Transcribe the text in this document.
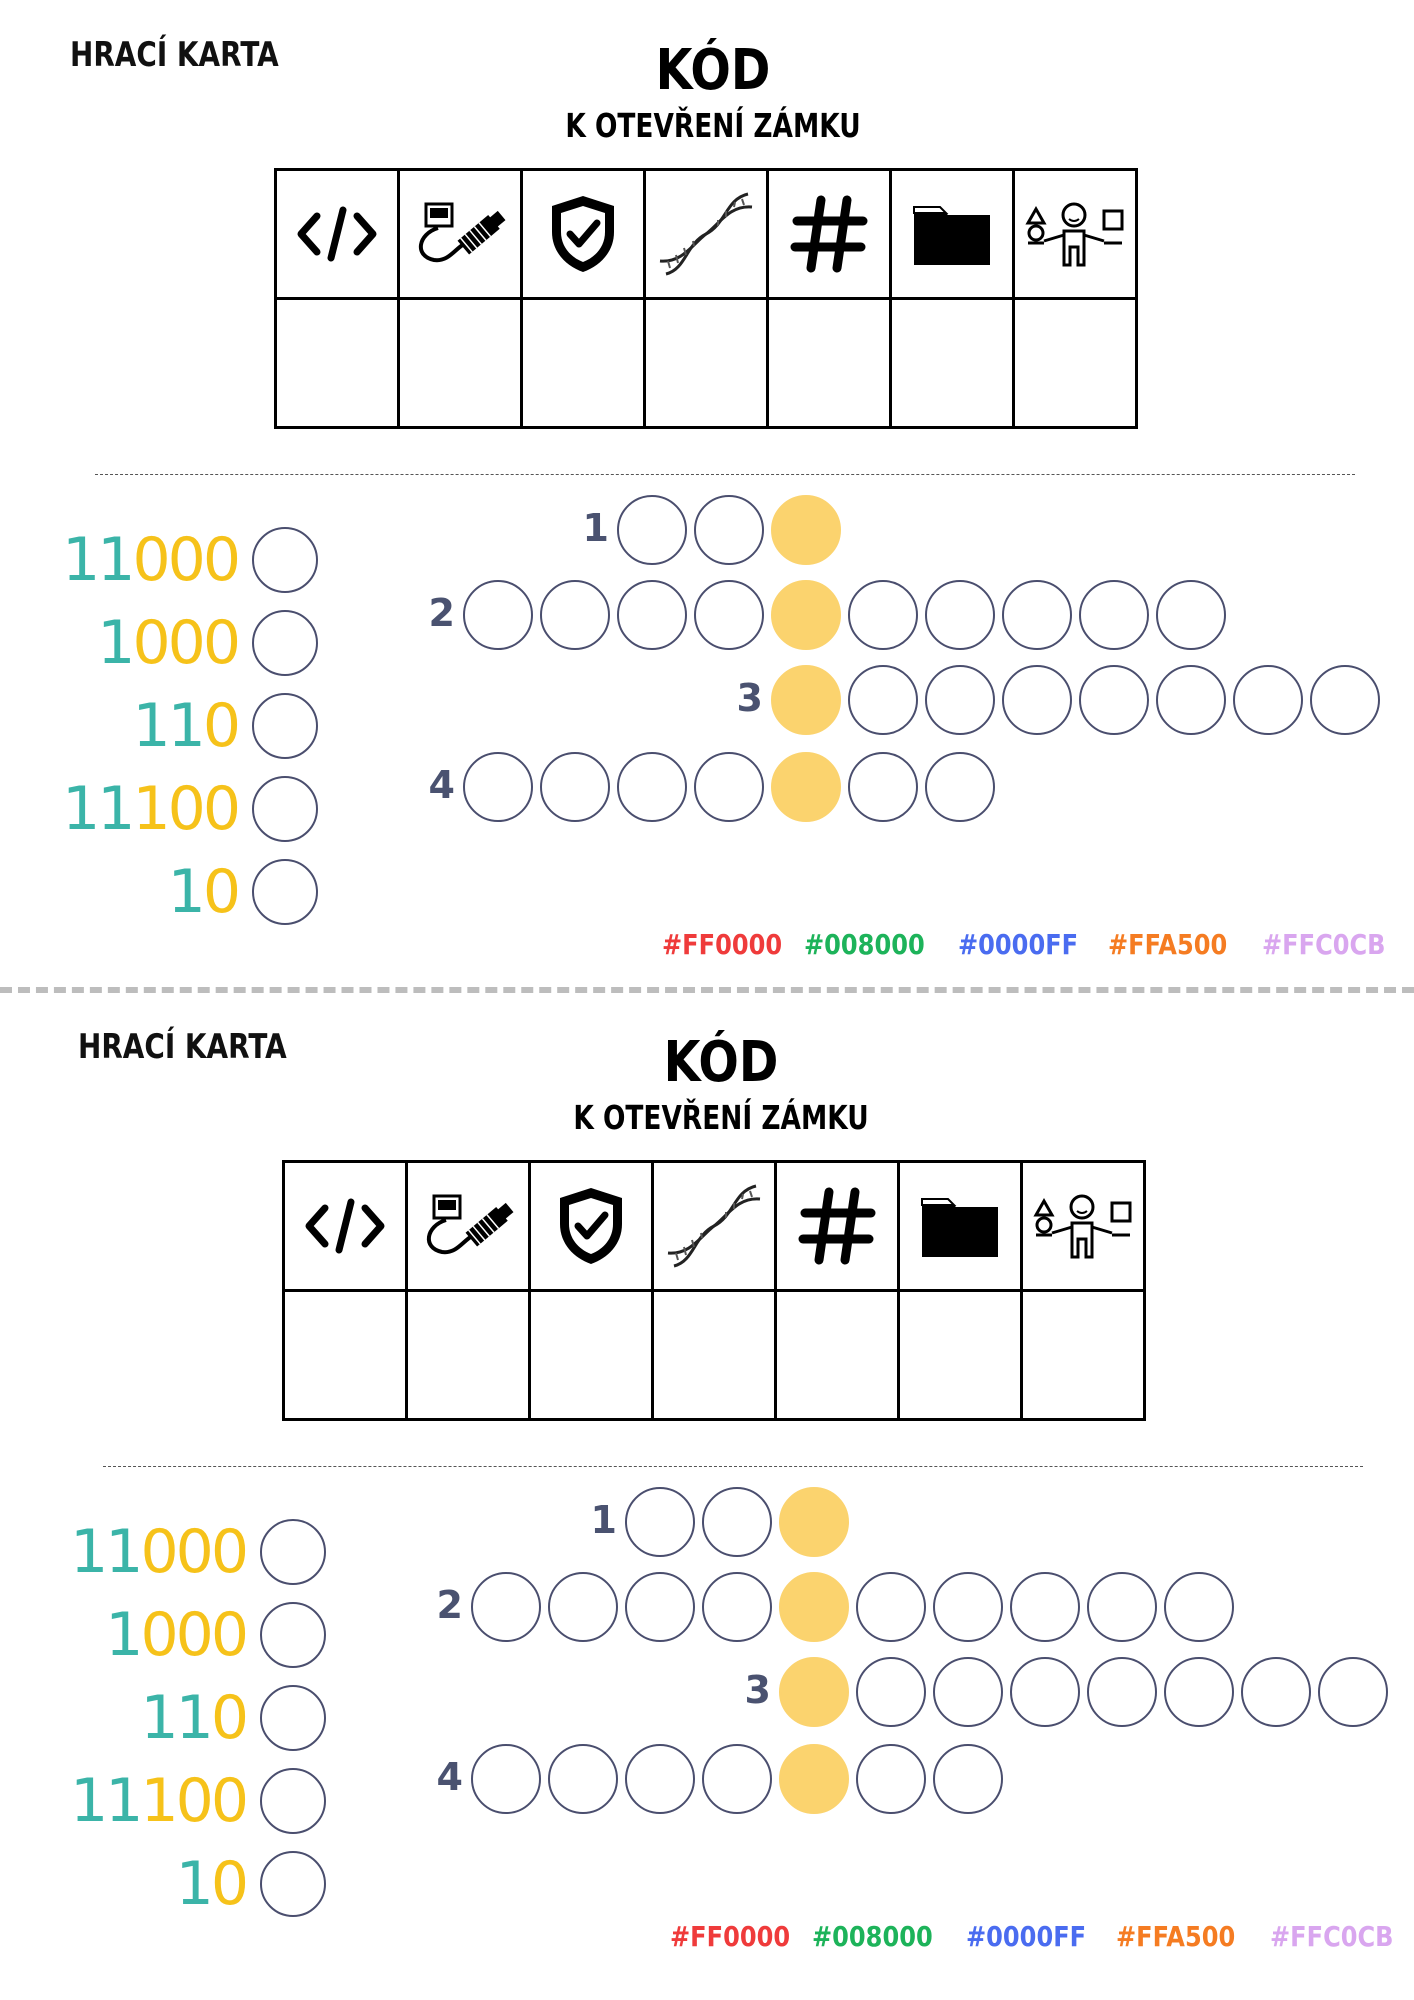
HRACÍ KARTA	KÓD
K OTEVŘENÍ ZÁMKU

11000
1000
110
11100
10
1
2
3
4
#FF0000 #008000 #0000FF #FFA500 #FFC0CB
HRACÍ KARTA	KÓD
K OTEVŘENÍ ZÁMKU

11000
1000
110
11100
10
1
2
3
4
#FF0000 #008000 #0000FF #FFA500 #FFC0CB
